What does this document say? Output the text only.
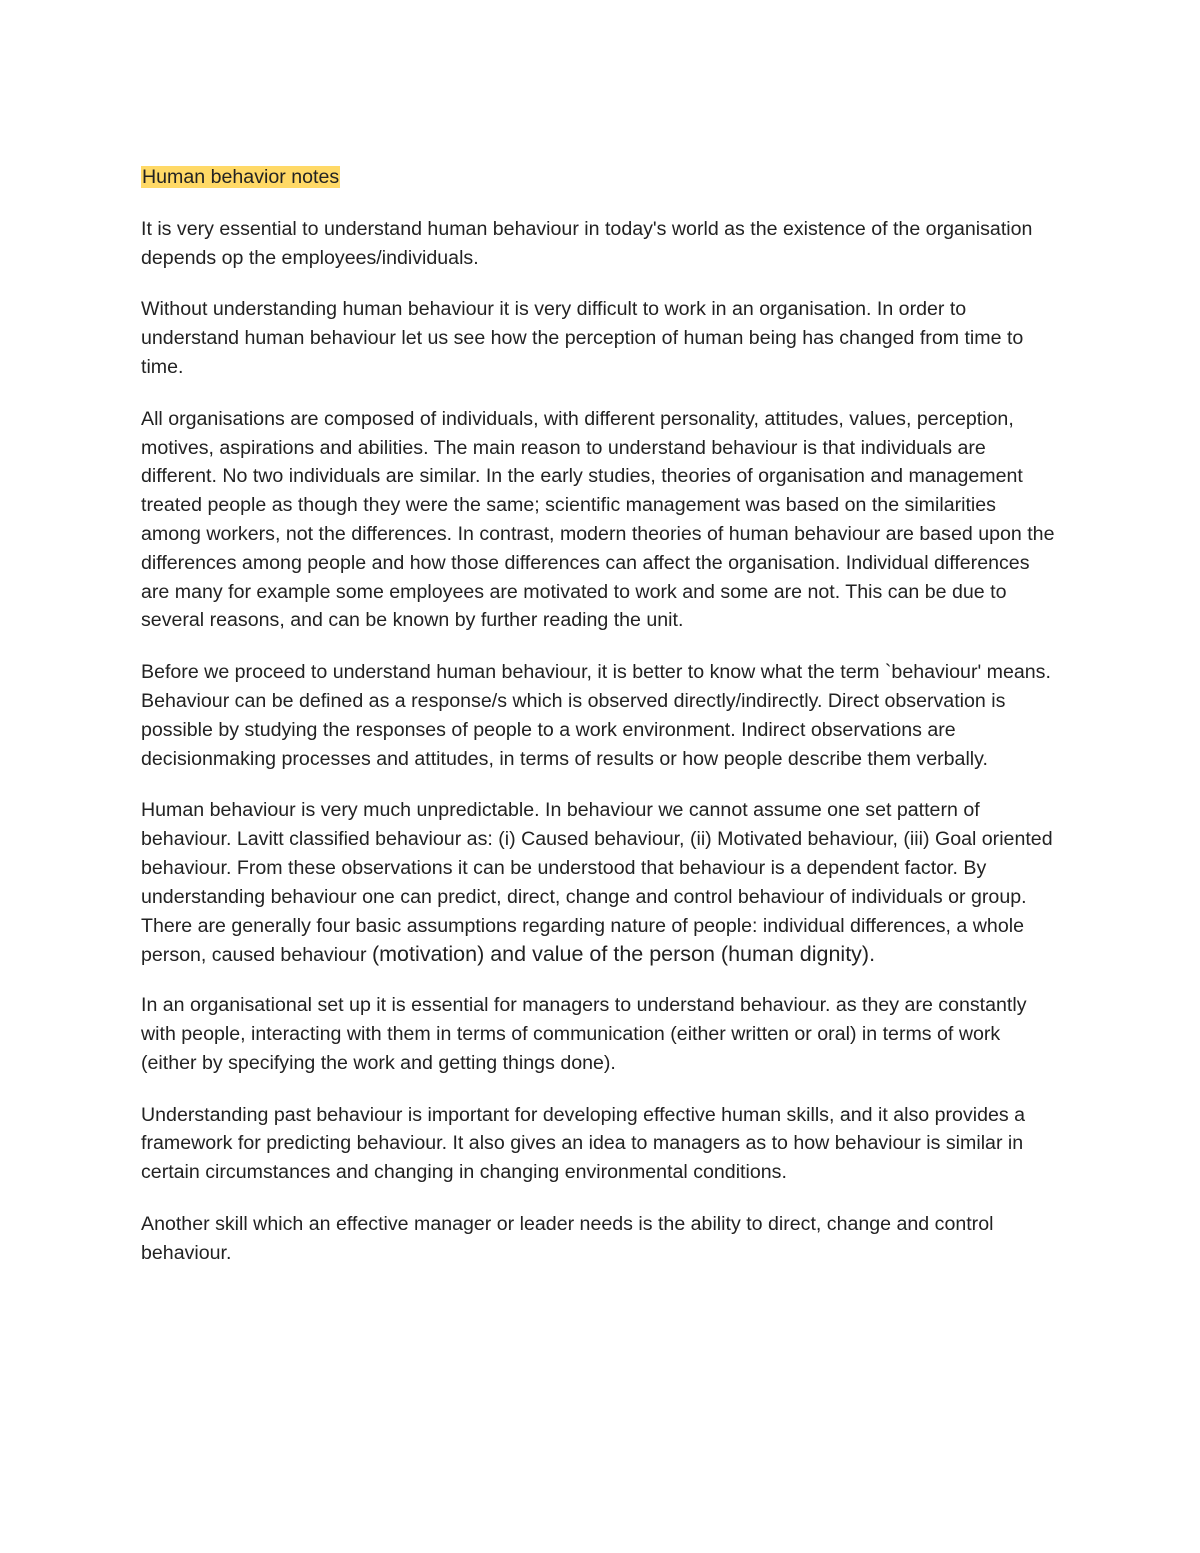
Human behavior notes

It is very essential to understand human behaviour in today's world as the existence of the organisation depends op the employees/individuals.

Without understanding human behaviour it is very difficult to work in an organisation. In order to understand human behaviour let us see how the perception of human being has changed from time to time.

All organisations are composed of individuals, with different personality, attitudes, values, perception, motives, aspirations and abilities. The main reason to understand behaviour is that individuals are different. No two individuals are similar. In the early studies, theories of organisation and management treated people as though they were the same; scientific management was based on the similarities among workers, not the differences. In contrast, modern theories of human behaviour are based upon the differences among people and how those differences can affect the organisation. Individual differences are many for example some employees are motivated to work and some are not. This can be due to several reasons, and can be known by further reading the unit.

Before we proceed to understand human behaviour, it is better to know what the term `behaviour' means. Behaviour can be defined as a response/s which is observed directly/indirectly. Direct observation is possible by studying the responses of people to a work environment. Indirect observations are decisionmaking processes and attitudes, in terms of results or how people describe them verbally.

Human behaviour is very much unpredictable. In behaviour we cannot assume one set pattern of behaviour. Lavitt classified behaviour as: (i) Caused behaviour, (ii) Motivated behaviour, (iii) Goal oriented behaviour. From these observations it can be understood that behaviour is a dependent factor. By understanding behaviour one can predict, direct, change and control behaviour of individuals or group. There are generally four basic assumptions regarding nature of people: individual differences, a whole person, caused behaviour (motivation) and value of the person (human dignity).

In an organisational set up it is essential for managers to understand behaviour. as they are constantly with people, interacting with them in terms of communication (either written or oral) in terms of work (either by specifying the work and getting things done).

Understanding past behaviour is important for developing effective human skills, and it also provides a framework for predicting behaviour. It also gives an idea to managers as to how behaviour is similar in certain circumstances and changing in changing environmental conditions.

Another skill which an effective manager or leader needs is the ability to direct, change and control behaviour.
